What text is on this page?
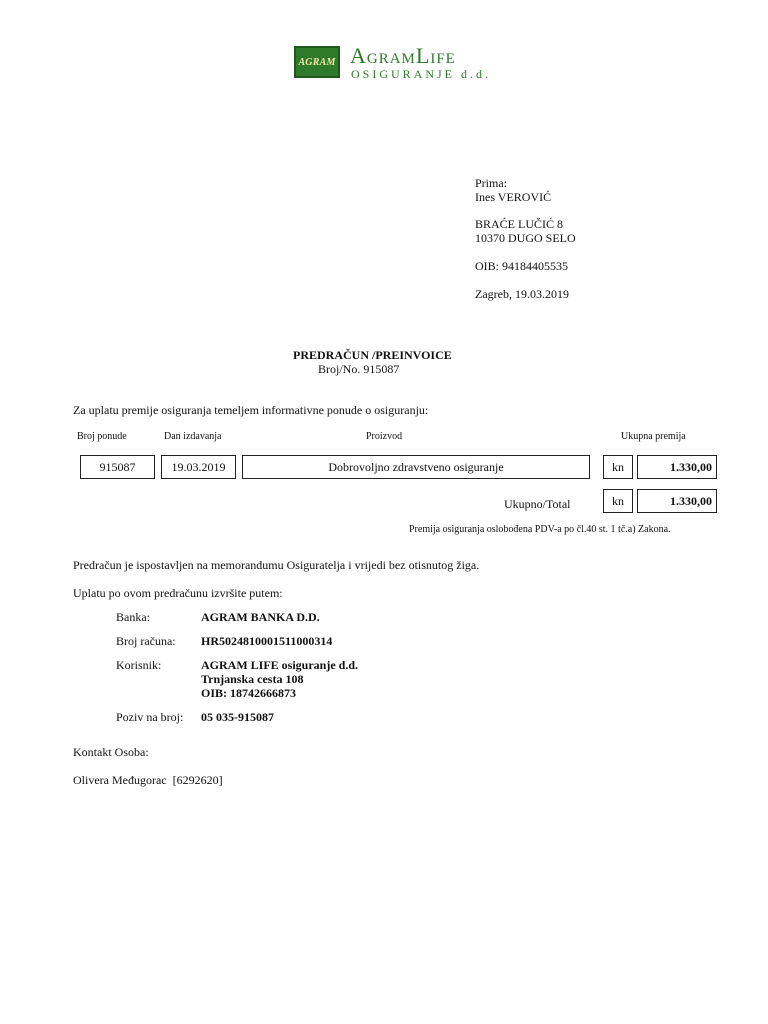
AGRAM AgramLife
OSIGURANJE d.d.
Prima:
Ines VEROVIĆ
BRAĆE LUČIĆ 8
10370 DUGO SELO
OIB: 94184405535
Zagreb, 19.03.2019
PREDRAČUN /PREINVOICE
Broj/No. 915087
Za uplatu premije osiguranja temeljem informativne ponude o osiguranju:
Broj ponude	Dan izdavanja	Proizvod	Ukupna premija
915087	19.03.2019	Dobrovoljno zdravstveno osiguranje	kn	1.330,00
Ukupno/Total	kn	1.330,00
Premija osiguranja oslobođena PDV-a po čl.40 st. 1 tč.a) Zakona.
Predračun je ispostavljen na memorandumu Osiguratelja i vrijedi bez otisnutog žiga.
Uplatu po ovom predračunu izvršite putem:
Banka:	AGRAM BANKA D.D.
Broj računa: HR5024810001511000314
Korisnik:	AGRAM LIFE osiguranje d.d.
Trnjanska cesta 108
OIB: 18742666873
Poziv na broj: 05 035-915087
Kontakt Osoba:
Olivera Međugorac  [6292620]
